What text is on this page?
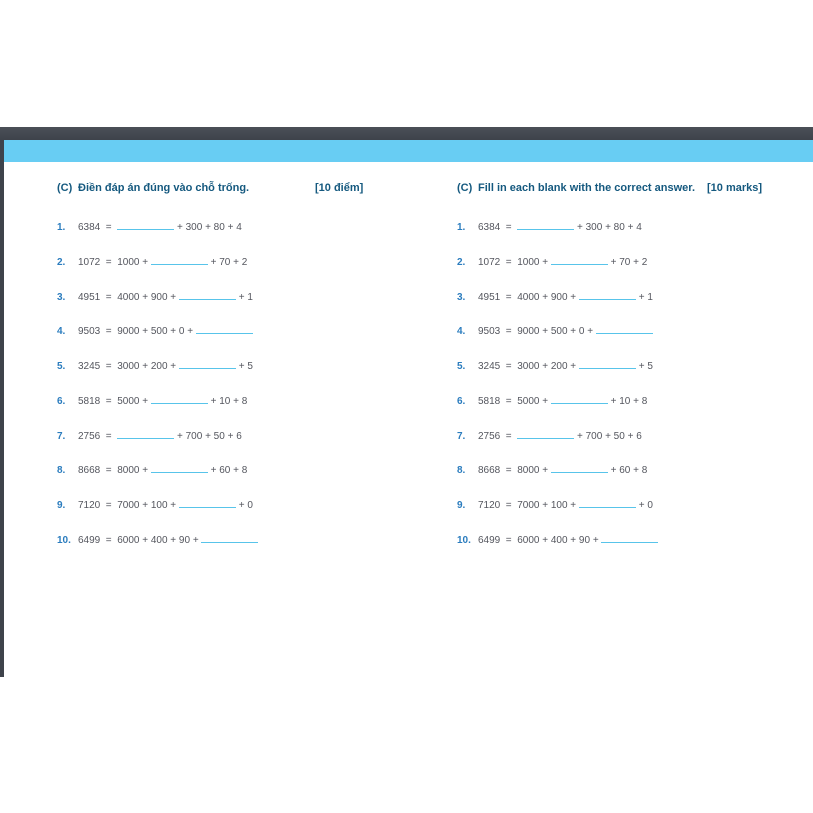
(C) Điền đáp án đúng vào chỗ trống.	[10 điểm]
1. 6384  =	+ 300 + 80 + 4
2. 1072  =  1000 +	+ 70 + 2
3. 4951  =  4000 + 900 +	+ 1
4. 9503  =  9000 + 500 + 0 +
5. 3245  =  3000 + 200 +	+ 5
6. 5818  =  5000 +	+ 10 + 8
7. 2756  =	+ 700 + 50 + 6
8. 8668  =  8000 +	+ 60 + 8
9. 7120  =  7000 + 100 +	+ 0
10. 6499  =  6000 + 400 + 90 +
(C) Fill in each blank with the correct answer. [10 marks]
1. 6384  =	+ 300 + 80 + 4
2. 1072  =  1000 +	+ 70 + 2
3. 4951  =  4000 + 900 +	+ 1
4. 9503  =  9000 + 500 + 0 +
5. 3245  =  3000 + 200 +	+ 5
6. 5818  =  5000 +	+ 10 + 8
7. 2756  =	+ 700 + 50 + 6
8. 8668  =  8000 +	+ 60 + 8
9. 7120  =  7000 + 100 +	+ 0
10. 6499  =  6000 + 400 + 90 +
